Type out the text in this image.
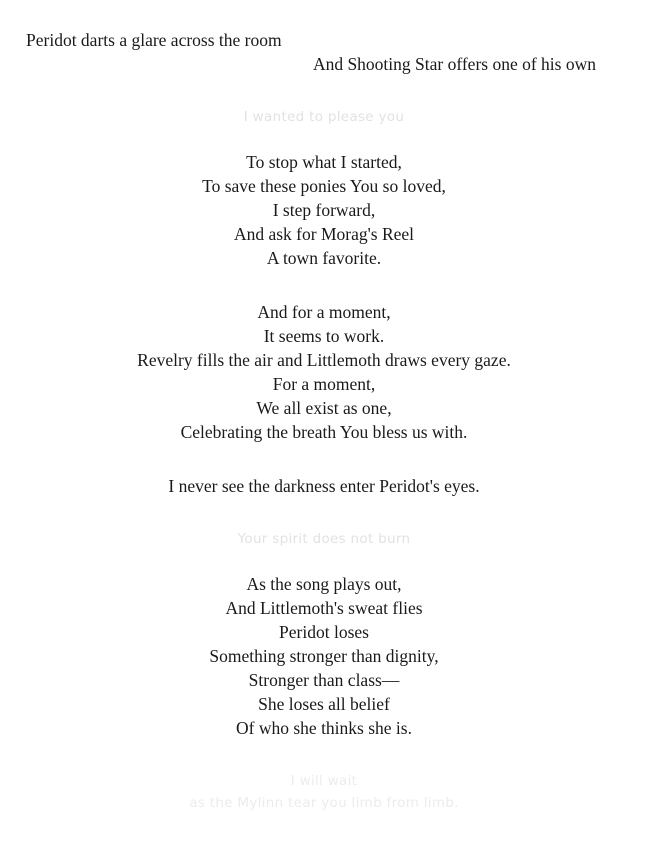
Peridot darts a glare across the room
And Shooting Star offers one of his own
I wanted to please you
To stop what I started,
To save these ponies You so loved,
I step forward,
And ask for Morag's Reel
A town favorite.
And for a moment,
It seems to work.
Revelry fills the air and Littlemoth draws every gaze.
For a moment,
We all exist as one,
Celebrating the breath You bless us with.
I never see the darkness enter Peridot's eyes.
Your spirit does not burn
As the song plays out,
And Littlemoth's sweat flies
Peridot loses
Something stronger than dignity,
Stronger than class—
She loses all belief
Of who she thinks she is.
I will wait
as the Mylinn tear you limb from limb.
